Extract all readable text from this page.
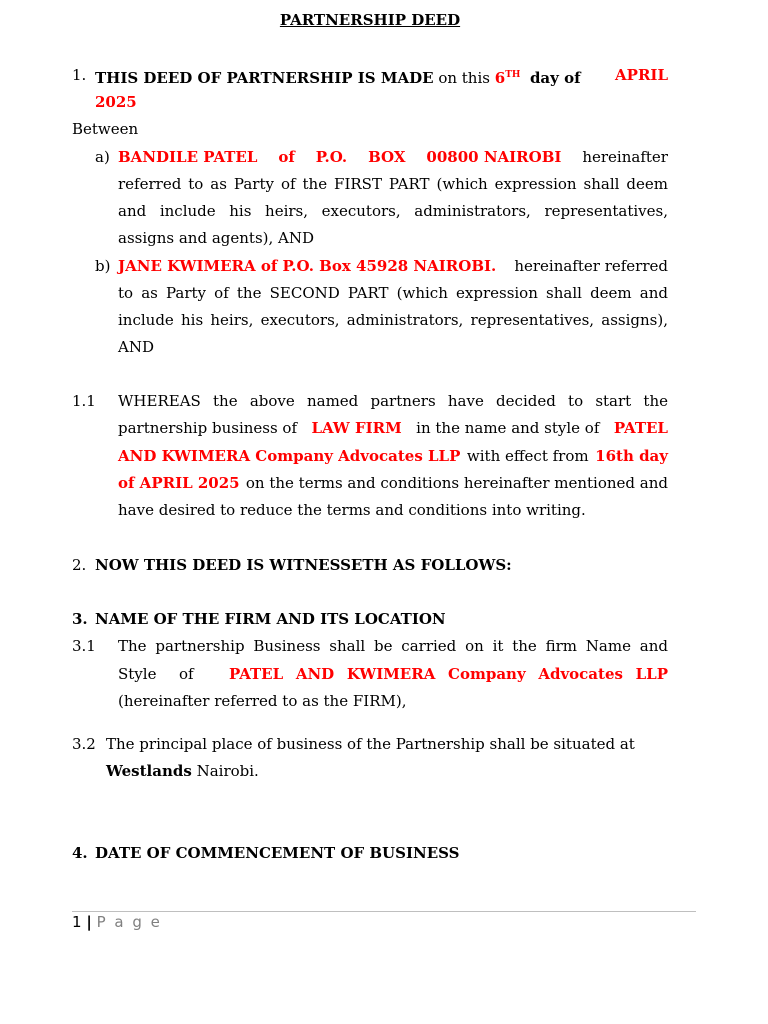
PARTNERSHIP DEED
1. THIS DEED OF PARTNERSHIP IS MADE on this 6TH day of APRIL
2025
Between
a) BANDILE PATEL of P.O. BOX 00800 NAIROBI hereinafter
referred to as Party of the FIRST PART (which expression shall deem
and include his heirs, executors, administrators, representatives,
assigns and agents), AND
b) JANE KWIMERA of P.O. Box 45928 NAIROBI. hereinafter referred
to as Party of the SECOND PART (which expression shall deem and
include his heirs, executors, administrators, representatives, assigns),
AND
1.1 WHEREAS the above named partners have decided to start the
partnership business of LAW FIRM in the name and style of PATEL
AND KWIMERA Company Advocates LLP with effect from 16th day
of APRIL 2025 on the terms and conditions hereinafter mentioned and
have desired to reduce the terms and conditions into writing.
2. NOW THIS DEED IS WITNESSETH AS FOLLOWS:
3. NAME OF THE FIRM AND ITS LOCATION
3.1 The partnership Business shall be carried on it the firm Name and
Style of PATEL AND KWIMERA Company Advocates LLP
(hereinafter referred to as the FIRM),
3.2 The principal place of business of the Partnership shall be situated at
Westlands Nairobi.
4. DATE OF COMMENCEMENT OF BUSINESS
1 | P a g e
